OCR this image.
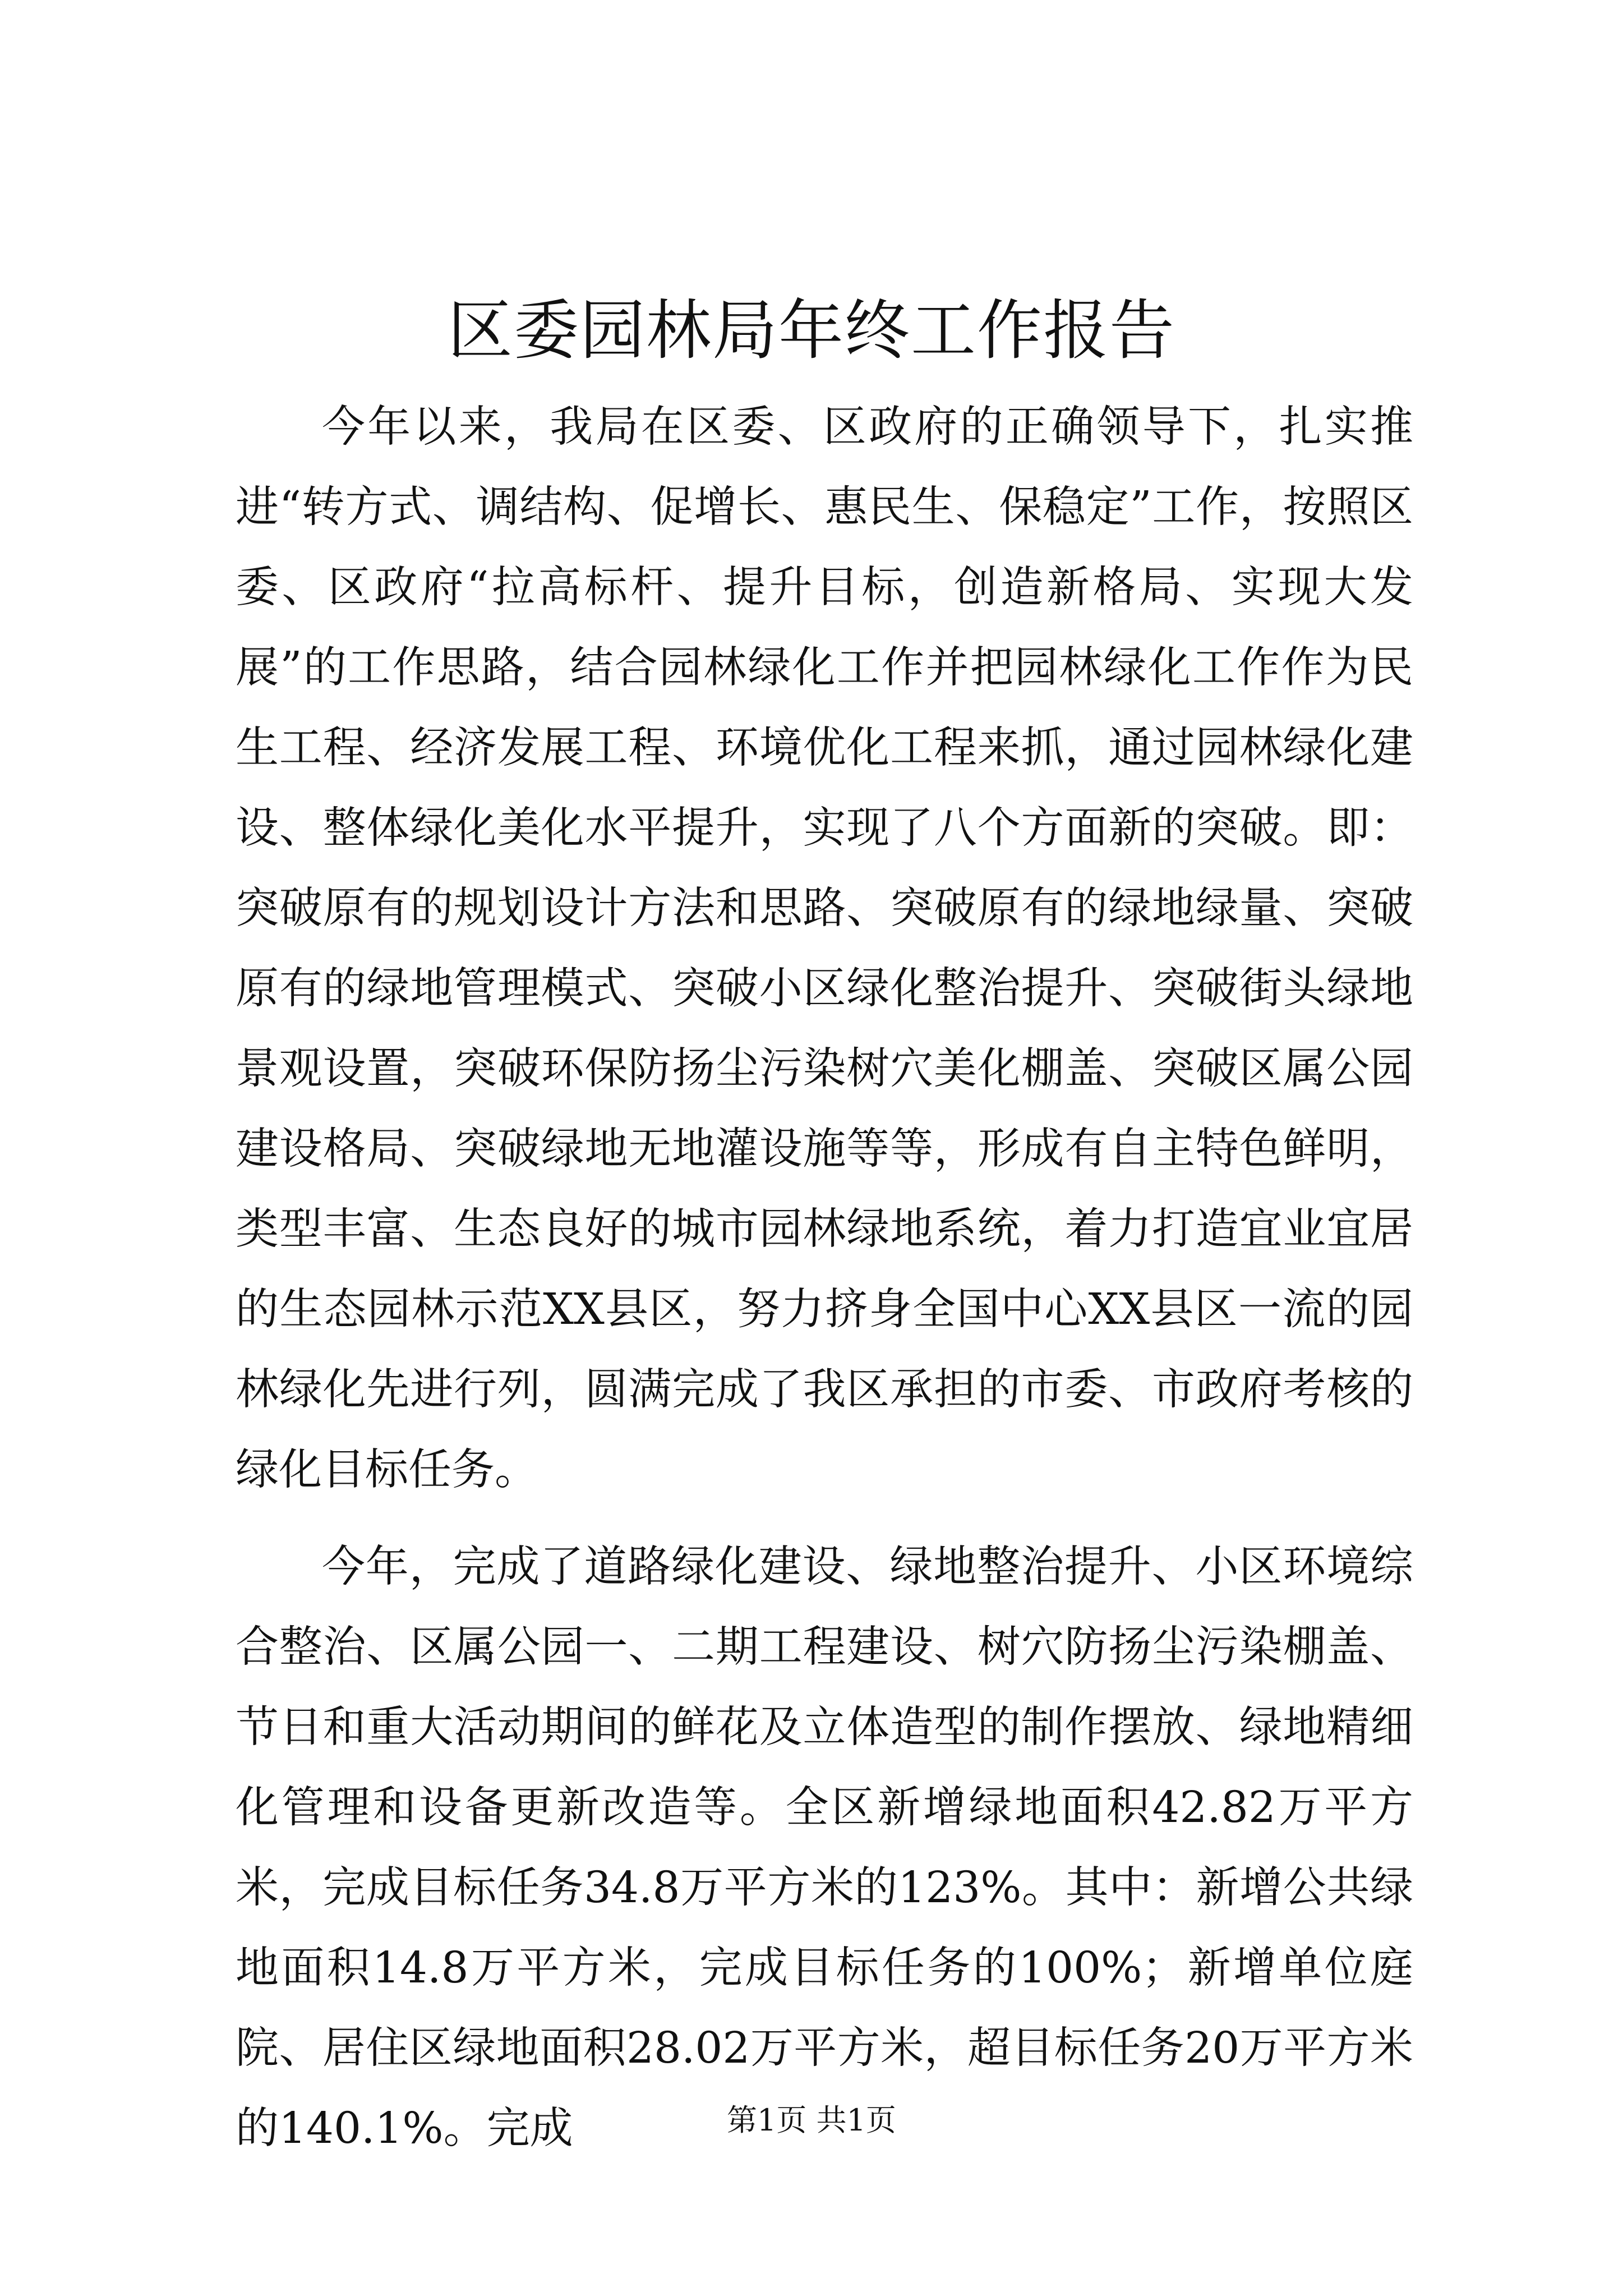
区委园林局年终工作报告

今年以来，我局在区委、区政府的正确领导下，扎实推进“转方式、调结构、促增长、惠民生、保稳定”工作，按照区委、区政府“拉高标杆、提升目标，创造新格局、实现大发展”的工作思路，结合园林绿化工作并把园林绿化工作作为民生工程、经济发展工程、环境优化工程来抓，通过园林绿化建设、整体绿化美化水平提升，实现了八个方面新的突破。即：突破原有的规划设计方法和思路、突破原有的绿地绿量、突破原有的绿地管理模式、突破小区绿化整治提升、突破街头绿地景观设置，突破环保防扬尘污染树穴美化棚盖、突破区属公园建设格局、突破绿地无地灌设施等等，形成有自主特色鲜明，类型丰富、生态良好的城市园林绿地系统，着力打造宜业宜居的生态园林示范XX县区，努力挤身全国中心XX县区一流的园林绿化先进行列，圆满完成了我区承担的市委、市政府考核的绿化目标任务。

今年，完成了道路绿化建设、绿地整治提升、小区环境综合整治、区属公园一、二期工程建设、树穴防扬尘污染棚盖、节日和重大活动期间的鲜花及立体造型的制作摆放、绿地精细化管理和设备更新改造等。全区新增绿地面积42.82万平方米，完成目标任务34.8万平方米的123%。其中：新增公共绿地面积14.8万平方米，完成目标任务的100%；新增单位庭院、居住区绿地面积28.02万平方米，超目标任务20万平方米的140.1%。完成	第1页 共1页
